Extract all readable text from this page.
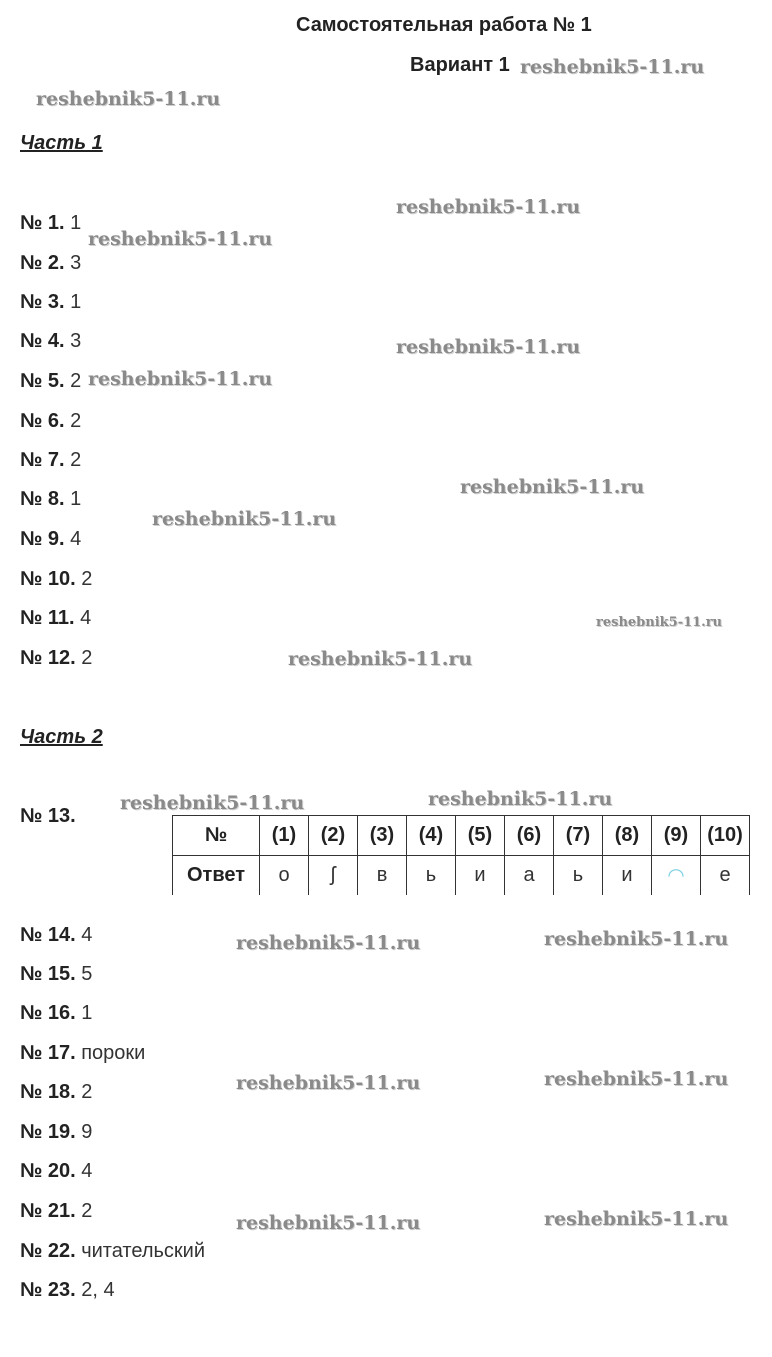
Самостоятельная работа № 1
Вариант 1
Часть 1
№ 1. 1
№ 2. 3
№ 3. 1
№ 4. 3
№ 5. 2
№ 6. 2
№ 7. 2
№ 8. 1
№ 9. 4
№ 10. 2
№ 11. 4
№ 12. 2
Часть 2
№ 13.
№	(1)	(2)	(3)	(4)	(5)	(6)	(7)	(8)	(9)	(10)
Ответ	о	ʃ	в	ь	и	а	ь	и	◠	е
№ 14. 4
№ 15. 5
№ 16. 1
№ 17. пороки
№ 18. 2
№ 19. 9
№ 20. 4
№ 21. 2
№ 22. читательский
№ 23. 2, 4
reshebnik5-11.ru
reshebnik5-11.ru
reshebnik5-11.ru
reshebnik5-11.ru
reshebnik5-11.ru
reshebnik5-11.ru
reshebnik5-11.ru
reshebnik5-11.ru
reshebnik5-11.ru
reshebnik5-11.ru
reshebnik5-11.ru
reshebnik5-11.ru
reshebnik5-11.ru
reshebnik5-11.ru
reshebnik5-11.ru
reshebnik5-11.ru
reshebnik5-11.ru
reshebnik5-11.ru
